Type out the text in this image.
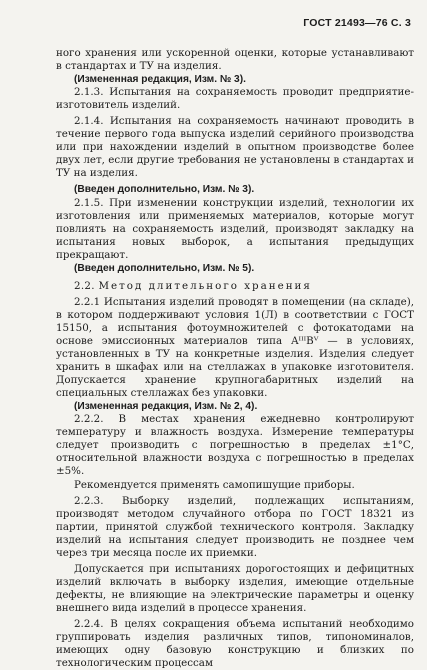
ГОСТ 21493—76 С. 3

ного хранения или ускоренной оценки, которые устанавливают в стандартах и ТУ на изделия.

(Измененная редакция, Изм. № 3).

2.1.3. Испытания на сохраняемость проводит предприятие-изготовитель изделий.

2.1.4. Испытания на сохраняемость начинают проводить в течение первого года выпуска изделий серийного производства или при нахождении изделий в опытном производстве более двух лет, если другие требования не установлены в стандартах и ТУ на изделия.

(Введен дополнительно, Изм. № 3).

2.1.5. При изменении конструкции изделий, технологии их изготовления или применяемых материалов, которые могут повлиять на сохраняемость изделий, производят закладку на испытания новых выборок, а испытания предыдущих прекращают.

(Введен дополнительно, Изм. № 5).

2.2. Метод длительного хранения

2.2.1 Испытания изделий проводят в помещении (на складе), в котором поддерживают условия 1(Л) в соответствии с ГОСТ 15150, а испытания фотоумножителей с фотокатодами на основе эмиссионных материалов типа AᴵᴵᴵBⱽ — в условиях, установленных в ТУ на конкретные изделия. Изделия следует хранить в шкафах или на стеллажах в упаковке изготовителя. Допускается хранение крупногабаритных изделий на специальных стеллажах без упаковки.

(Измененная редакция, Изм. № 2, 4).

2.2.2. В местах хранения ежедневно контролируют температуру и влажность воздуха. Измерение температуры следует производить с погрешностью в пределах ±1°С, относительной влажности воздуха с погрешностью в пределах ±5%.

Рекомендуется применять самопишущие приборы.

2.2.3. Выборку изделий, подлежащих испытаниям, производят методом случайного отбора по ГОСТ 18321 из партии, принятой службой технического контроля. Закладку изделий на испытания следует производить не позднее чем через три месяца после их приемки.

Допускается при испытаниях дорогостоящих и дефицитных изделий включать в выборку изделия, имеющие отдельные дефекты, не влияющие на электрические параметры и оценку внешнего вида изделий в процессе хранения.

2.2.4. В целях сокращения объема испытаний необходимо группировать изделия различных типов, типономиналов, имеющих одну базовую конструкцию и близких по технологическим процессам
